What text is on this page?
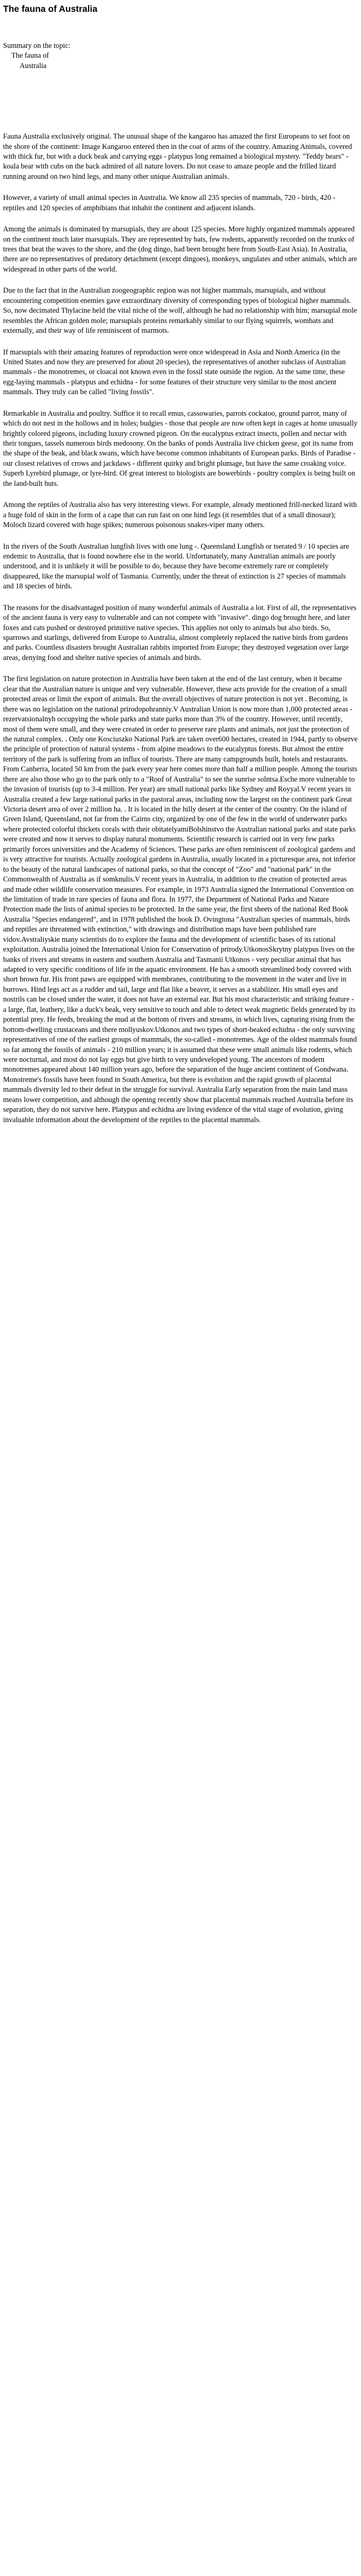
The fauna of Australia

Summary on the topic:

The fauna of

Australia

Fauna Australia exclusively original. The unusual shape of the kangaroo has amazed the first Europeans to set foot on the shore of the continent: Image Kangaroo entered then in the coat of arms of the country. Amazing Animals, covered with thick fur, but with a duck beak and carrying eggs - platypus long remained a biological mystery. "Teddy bears" - koala bear with cubs on the back admired of all nature lovers. Do not cease to amaze people and the frilled lizard running around on two hind legs, and many other unique Australian animals.

However, a variety of small animal species in Australia. We know all 235 species of mammals, 720 - birds, 420 - reptiles and 120 species of amphibians that inhabit the continent and adjacent islands.

Among the animals is dominated by marsupials, they are about 125 species. More highly organized mammals appeared on the continent much later marsupials. They are represented by bats, few rodents, apparently recorded on the trunks of trees that beat the waves to the shore, and the (dog dingo, had been brought here from South-East Asia). In Australia, there are no representatives of predatory detachment (except dingoes), monkeys, ungulates and other animals, which are widespread in other parts of the world.

Due to the fact that in the Australian zoogeographic region was not higher mammals, marsupials, and without encountering competition enemies gave extraordinary diversity of corresponding types of biological higher mammals. So, now decimated Thylacine held the vital niche of the wolf, although he had no relationship with him; marsupial mole resembles the African golden mole; marsupials proteins remarkably similar to our flying squirrels, wombats and externally, and their way of life reminiscent of marmots.

If marsupials with their amazing features of reproduction were once widespread in Asia and North America (in the United States and now they are preserved for about 20 species), the representatives of another subclass of Australian mammals - the monotremes, or cloacal not known even in the fossil state outside the region. At the same time, these egg-laying mammals - platypus and echidna - for some features of their structure very similar to the most ancient mammals. They truly can be called "living fossils".

Remarkable in Australia and poultry. Suffice it to recall emus, cassowaries, parrots cockatoo, ground parrot, many of which do not nest in the hollows and in holes; budgies - those that people are now often kept in cages at home unusually brightly colored pigeons, including luxury crowned pigeon. On the eucalyptus extract insects, pollen and nectar with their tongues, tassels numerous birds medosony. On the banks of ponds Australia live chicken geese, got its name from the shape of the beak, and black swans, which have become common inhabitants of European parks. Birds of Paradise - our closest relatives of crows and jackdaws - different quirky and bright plumage, but have the same croaking voice. Superb Lyrebird plumage, or lyre-bird. Of great interest to biologists are bowerbirds - poultry complex is being built on the land-built huts.

Among the reptiles of Australia also has very interesting views. For example, already mentioned frill-necked lizard with a huge fold of skin in the form of a cape that can run fast on one hind legs (it resembles that of a small dinosaur); Moloch lizard covered with huge spikes; numerous poisonous snakes-viper many others.

In the rivers of the South Australian lungfish lives with one lung -. Queensland Lungfish or tserated 9 / 10 species are endemic to Australia, that is found nowhere else in the world. Unfortunately, many Australian animals are poorly understood, and it is unlikely it will be possible to do, because they have become extremely rare or completely disappeared, like the marsupial wolf of Tasmania. Currently, under the threat of extinction is 27 species of mammals and 18 species of birds.

The reasons for the disadvantaged position of many wonderful animals of Australia a lot. First of all, the representatives of the ancient fauna is very easy to vulnerable and can not compete with "invasive". dingo dog brought here, and later foxes and cats pushed or destroyed primitive native species. This applies not only to animals but also birds. So, sparrows and starlings, delivered from Europe to Australia, almost completely replaced the native birds from gardens and parks. Countless disasters brought Australian rabbits imported from Europe; they destroyed vegetation over large areas, denying food and shelter native species of animals and birds.

The first legislation on nature protection in Australia have been taken at the end of the last century, when it became clear that the Australian nature is unique and very vulnerable. However, these acts provide for the creation of a small protected areas or limit the export of animals. But the overall objectives of nature protection is not yet . Becoming, is there was no legislation on the national prirodopohranniy.V Australian Union is now more than 1,000 protected areas - rezervatsionalnyh occupying the whole parks and state parks more than 3% of the country. However, until recently, most of them were small, and they were created in order to preserve rare plants and animals, not just the protection of the natural complex. . Only one Kosciuszko National Park are taken over600 hectares, created in 1944, partly to observe the principle of protection of natural systems - from alpine meadows to the eucalyptus forests. But almost the entire territory of the park is suffering from an influx of tourists. There are many campgrounds built, hotels and restaurants. From Canberra, located 50 km from the park every year here comes more than half a million people. Among the tourists there are also those who go to the park only to a "Roof of Australia" to see the sunrise solntsa.Esche more vulnerable to the invasion of tourists (up to 3-4 million. Per year) are small national parks like Sydney and Royyal.V recent years in Australia created a few large national parks in the pastoral areas, including now the largest on the continent park Great Victoria desert area of over 2 million ha. . It is located in the hilly desert at the center of the country. On the island of Green Island, Queensland, not far from the Cairns city, organized by one of the few in the world of underwater parks where protected colorful thickets corals with their obitatelyamiBolshinstvo the Australian national parks and state parks were created and now it serves to display natural monuments. Scientific research is carried out in very few parks primarily forces universities and the Academy of Sciences. These parks are often reminiscent of zoological gardens and is very attractive for tourists. Actually zoological gardens in Australia, usually located in a picturesque area, not inferior to the beauty of the natural landscapes of national parks, so that the concept of "Zoo" and "national park" in the Commonwealth of Australia as if somknulis.V recent years in Australia, in addition to the creation of protected areas and made other wildlife conservation measures. For example, in 1973 Australia signed the International Convention on the limitation of trade in rare species of fauna and flora. In 1977, the Department of National Parks and Nature Protection made the lists of animal species to be protected. In the same year, the first sheets of the national Red Book Australia "Species endangered", and in 1978 published the book D. Ovingtona "Australian species of mammals, birds and reptiles are threatened with extinction," with drawings and distribution maps have been published rare vidov.Avstraliyskie many scientists do to explore the fauna and the development of scientific bases of its rational exploitation. Australia joined the International Union for Conservation of prirody.UtkonosSkrytny platypus lives on the banks of rivers and streams in eastern and southern Australia and Tasmanii Utkonos - very peculiar animal that has adapted to very specific conditions of life in the aquatic environment. He has a smooth streamlined body covered with short brown fur. His front paws are equipped with membranes, contributing to the movement in the water and live in burrows. Hind legs act as a rudder and tail, large and flat like a beaver, it serves as a stabilizer. His small eyes and nostrils can be closed under the water, it does not have an external ear. But his most characteristic and striking feature - a large, flat, leathery, like a duck's beak, very sensitive to touch and able to detect weak magnetic fields generated by its potential prey. He feeds, breaking the mud at the bottom of rivers and streams, in which lives, capturing rising from the bottom-dwelling crustaceans and there mollyuskov.Utkonos and two types of short-beaked echidna - the only surviving representatives of one of the earliest groups of mammals, the so-called - monotremes. Age of the oldest mammals found so far among the fossils of animals - 210 million years; it is assumed that these were small animals like rodents, which were nocturnal, and most do not lay eggs but give birth to very undeveloped young. The ancestors of modern monotremes appeared about 140 million years ago, before the separation of the huge ancient continent of Gondwana. Monotreme's fossils have been found in South America, but there is evolution and the rapid growth of placental mammals diversity led to their defeat in the struggle for survival. Australia Early separation from the main land mass means lower competition, and although the opening recently show that placental mammals reached Australia before its separation, they do not survive here. Platypus and echidna are living evidence of the vital stage of evolution, giving invaluable information about the development of the reptiles to the placental mammals.
